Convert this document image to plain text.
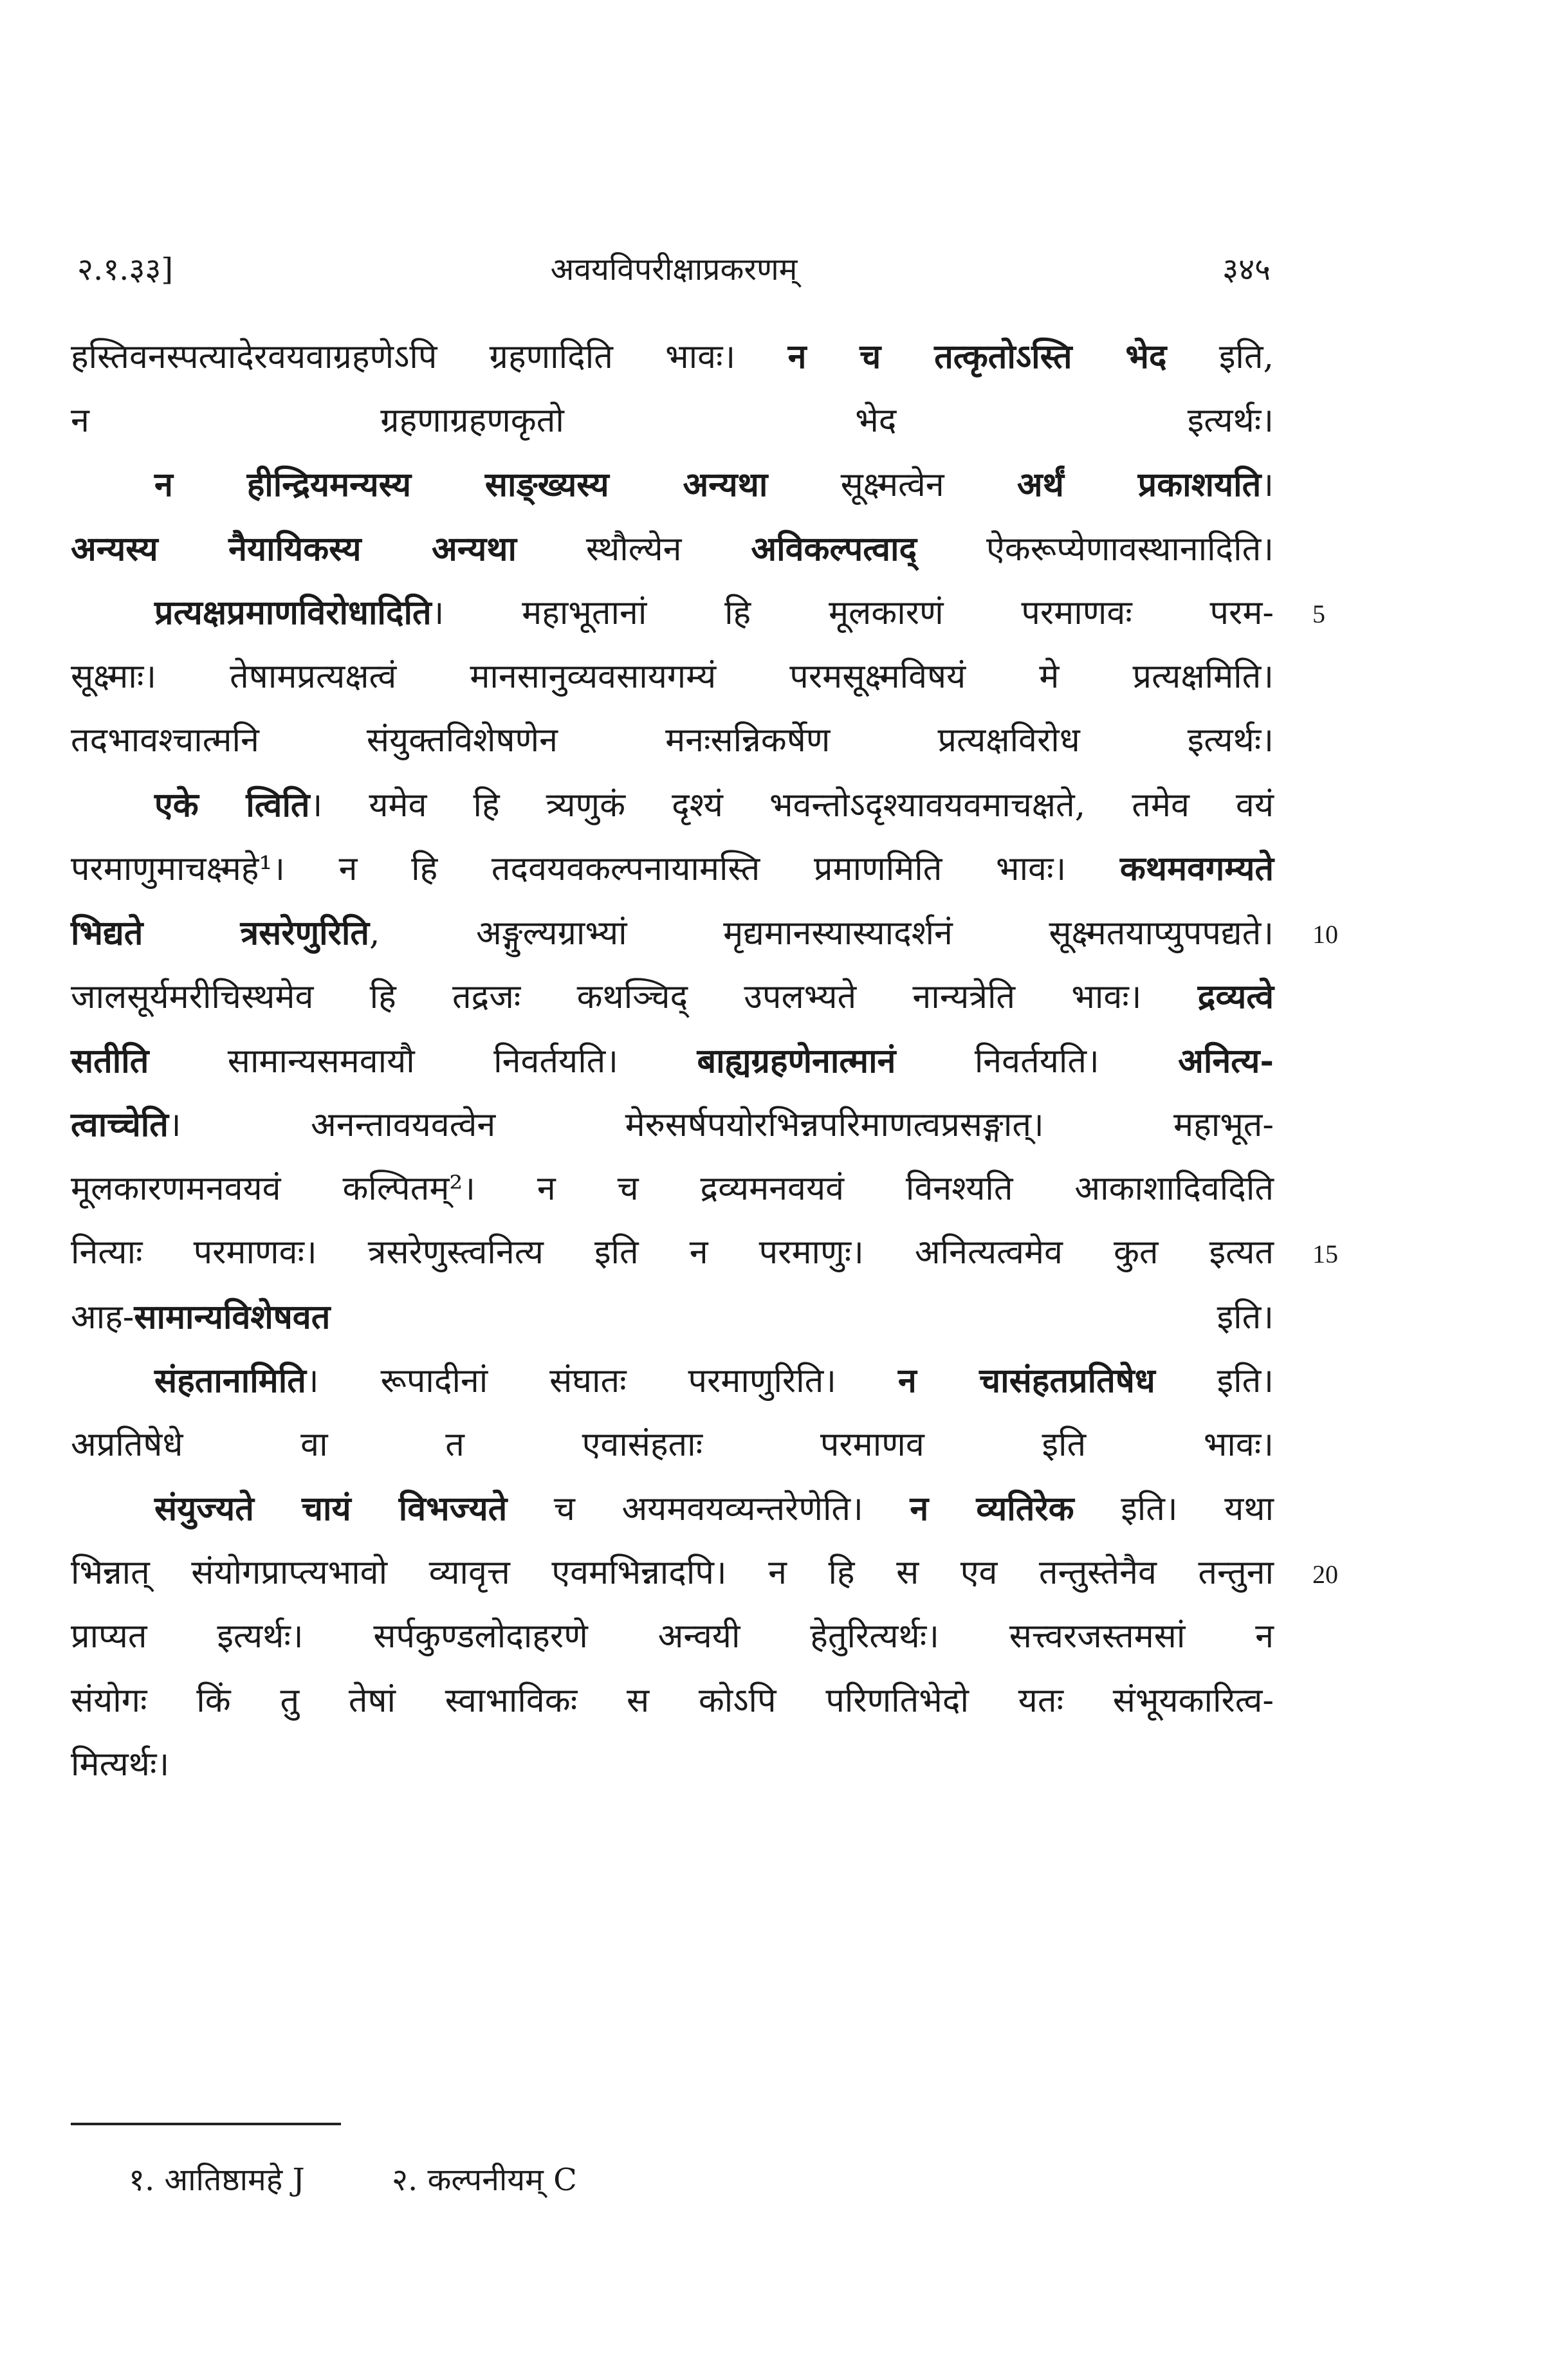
२.१.३३]	अवयविपरीक्षाप्रकरणम्	३४५
हस्तिवनस्पत्यादेरवयवाग्रहणेऽपि ग्रहणादिति भावः। न च तत्कृतोऽस्ति भेद इति,
न ग्रहणाग्रहणकृतो भेद इत्यर्थः।
न हीन्द्रियमन्यस्य साङ्ख्यस्य अन्यथा सूक्ष्मत्वेन अर्थं प्रकाशयति।
अन्यस्य नैयायिकस्य अन्यथा स्थौल्येन अविकल्पत्वाद् ऐकरूप्येणावस्थानादिति।
प्रत्यक्षप्रमाणविरोधादिति। महाभूतानां हि मूलकारणं परमाणवः परम-
सूक्ष्माः। तेषामप्रत्यक्षत्वं मानसानुव्यवसायगम्यं परमसूक्ष्मविषयं मे प्रत्यक्षमिति।
तदभावश्चात्मनि संयुक्तविशेषणेन मनःसन्निकर्षेण प्रत्यक्षविरोध इत्यर्थः।
एके त्विति। यमेव हि त्र्यणुकं दृश्यं भवन्तोऽदृश्यावयवमाचक्षते, तमेव वयं
परमाणुमाचक्ष्महे¹। न हि तदवयवकल्पनायामस्ति प्रमाणमिति भावः। कथमवगम्यते
भिद्यते त्रसरेणुरिति, अङ्गुल्यग्राभ्यां मृद्यमानस्यास्यादर्शनं सूक्ष्मतयाप्युपपद्यते।
जालसूर्यमरीचिस्थमेव हि तद्रजः कथञ्चिद् उपलभ्यते नान्यत्रेति भावः। द्रव्यत्वे
सतीति सामान्यसमवायौ निवर्तयति। बाह्यग्रहणेनात्मानं निवर्तयति। अनित्य-
त्वाच्चेति। अनन्तावयवत्वेन मेरुसर्षपयोरभिन्नपरिमाणत्वप्रसङ्गात्। महाभूत-
मूलकारणमनवयवं कल्पितम्²। न च द्रव्यमनवयवं विनश्यति आकाशादिवदिति
नित्याः परमाणवः। त्रसरेणुस्त्वनित्य इति न परमाणुः। अनित्यत्वमेव कुत इत्यत
आह-सामान्यविशेषवत इति।
संहतानामिति। रूपादीनां संघातः परमाणुरिति। न चासंहतप्रतिषेध इति।
अप्रतिषेधे वा त एवासंहताः परमाणव इति भावः।
संयुज्यते चायं विभज्यते च अयमवयव्यन्तरेणेति। न व्यतिरेक इति। यथा
भिन्नात् संयोगप्राप्त्यभावो व्यावृत्त एवमभिन्नादपि। न हि स एव तन्तुस्तेनैव तन्तुना
प्राप्यत इत्यर्थः। सर्पकुण्डलोदाहरणे अन्वयी हेतुरित्यर्थः। सत्त्वरजस्तमसां न
संयोगः किं तु तेषां स्वाभाविकः स कोऽपि परिणतिभेदो यतः संभूयकारित्व-
मित्यर्थः।
5
10
15
20
१. आतिष्ठामहे J	२. कल्पनीयम् C
